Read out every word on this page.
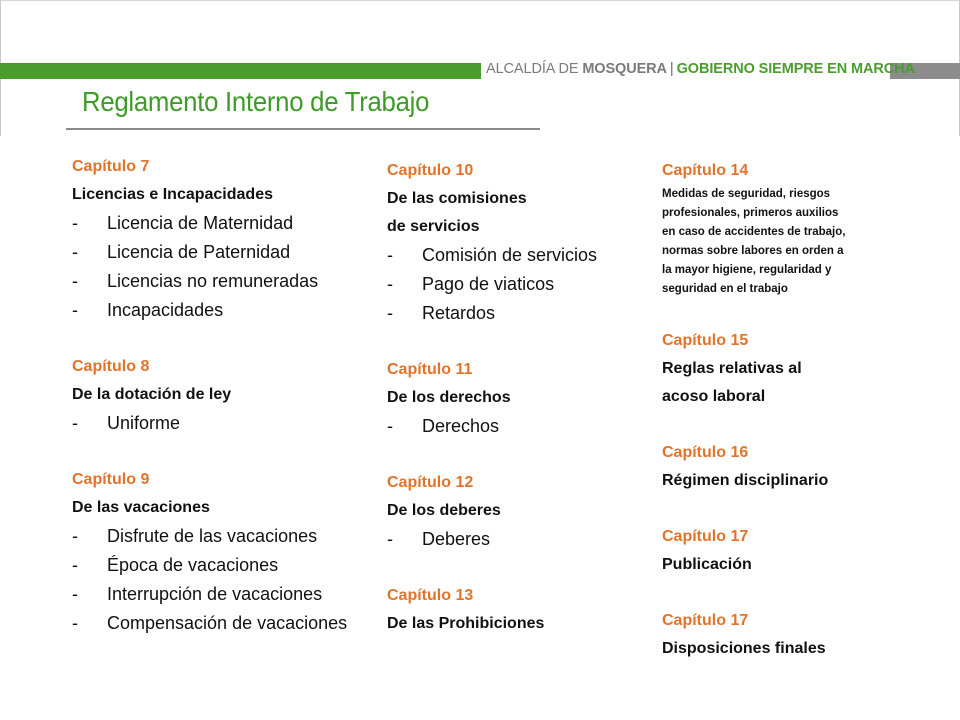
ALCALDÍA DE MOSQUERA | GOBIERNO SIEMPRE EN MARCHA
Reglamento Interno de Trabajo
Capítulo 7
Licencias e Incapacidades
-	Licencia de Maternidad
-	Licencia de Paternidad
-	Licencias no remuneradas
-	Incapacidades
Capítulo 8
De la dotación de ley
-	Uniforme
Capítulo 9
De las vacaciones
-	Disfrute de las vacaciones
-	Época de vacaciones
-	Interrupción de vacaciones
-	Compensación de vacaciones
Capítulo 10
De las comisiones
de servicios
-	Comisión de servicios
-	Pago de viaticos
-	Retardos
Capítulo 11
De los derechos
-	Derechos
Capítulo 12
De los deberes
-	Deberes
Capítulo 13
De las Prohibiciones
Capítulo 14
Medidas de seguridad, riesgos
profesionales, primeros auxilios
en caso de accidentes de trabajo,
normas sobre labores en orden a
la mayor higiene, regularidad y
seguridad en el trabajo
Capítulo 15
Reglas relativas al
acoso laboral
Capítulo 16
Régimen disciplinario
Capítulo 17
Publicación
Capítulo 17
Disposiciones finales
